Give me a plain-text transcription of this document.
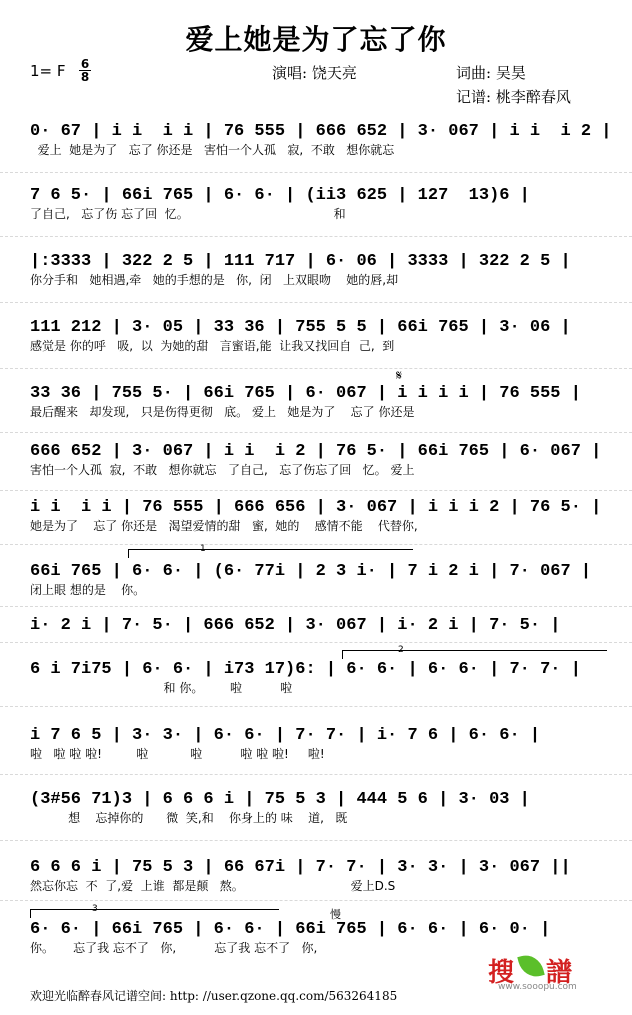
爱上她是为了忘了你
1= F 6
8	演唱: 饶天亮	词曲: 吴昊
记谱: 桃李醉春风
0· 67 | i i  i i | 76 555 | 666 652 | 3· 067 | i i  i 2 |
爱上  她是为了   忘了 你还是   害怕一个人孤   寂,  不敢   想你就忘
7 6 5· | 66i 765 | 6· 6· | (ii3 625 | 127  13)6 |
了自己,   忘了伤 忘了回  忆。                                      和
|:3333 | 322 2 5 | 111 717 | 6· 06 | 3333 | 322 2 5 |
你分手和   她相遇,牵   她的手想的是   你,  闭   上双眼吻    她的唇,却
111 212 | 3· 05 | 33 36 | 755 5 5 | 66i 765 | 3· 06 |
感觉是 你的呼   吸,  以  为她的甜   言蜜语,能  让我又找回自  己,  到
𝄋
33 36 | 755 5· | 66i 765 | 6· 067 | i i i i | 76 555 |
最后醒来   却发现,   只是伤得更彻   底。 爱上   她是为了    忘了 你还是
666 652 | 3· 067 | i i  i 2 | 76 5· | 66i 765 | 6· 067 |
害怕一个人孤  寂,  不敢   想你就忘   了自己,   忘了伤忘了回   忆。 爱上
i i  i i | 76 555 | 666 656 | 3· 067 | i i i 2 | 76 5· |
她是为了    忘了 你还是   渴望爱情的甜   蜜,  她的    感情不能    代替你,
1
66i 765 | 6· 6· | (6· 77i | 2 3 i· | 7 i 2 i | 7· 067 |
闭上眼 想的是    你。
i· 2 i | 7· 5· | 666 652 | 3· 067 | i· 2 i | 7· 5· |
2
6 i 7i75 | 6· 6· | i73 17)6: | 6· 6· | 6· 6· | 7· 7· |
和 你。       啦          啦
i 7 6 5 | 3· 3· | 6· 6· | 7· 7· | i· 7 6 | 6· 6· |
啦   啦 啦 啦!         啦           啦          啦 啦 啦!     啦!
(3#56 71)3 | 6 6 6 i | 75 5 3 | 444 5 6 | 3· 03 |
想    忘掉你的      微  笑,和    你身上的 味    道,   既
6 6 6 i | 75 5 3 | 66 67i | 7· 7· | 3· 3· | 3· 067 ||
然忘你忘  不  了,爱  上谁  都是颠   熬。                            爱上D.S
3	慢
6· 6· | 66i 765 | 6· 6· | 66i 765 | 6· 6· | 6· 0· |
你。     忘了我 忘不了   你,          忘了我 忘不了   你,
搜 譜
www.sooopu.com
欢迎光临醉春风记谱空间: http: //user.qzone.qq.com/563264185
